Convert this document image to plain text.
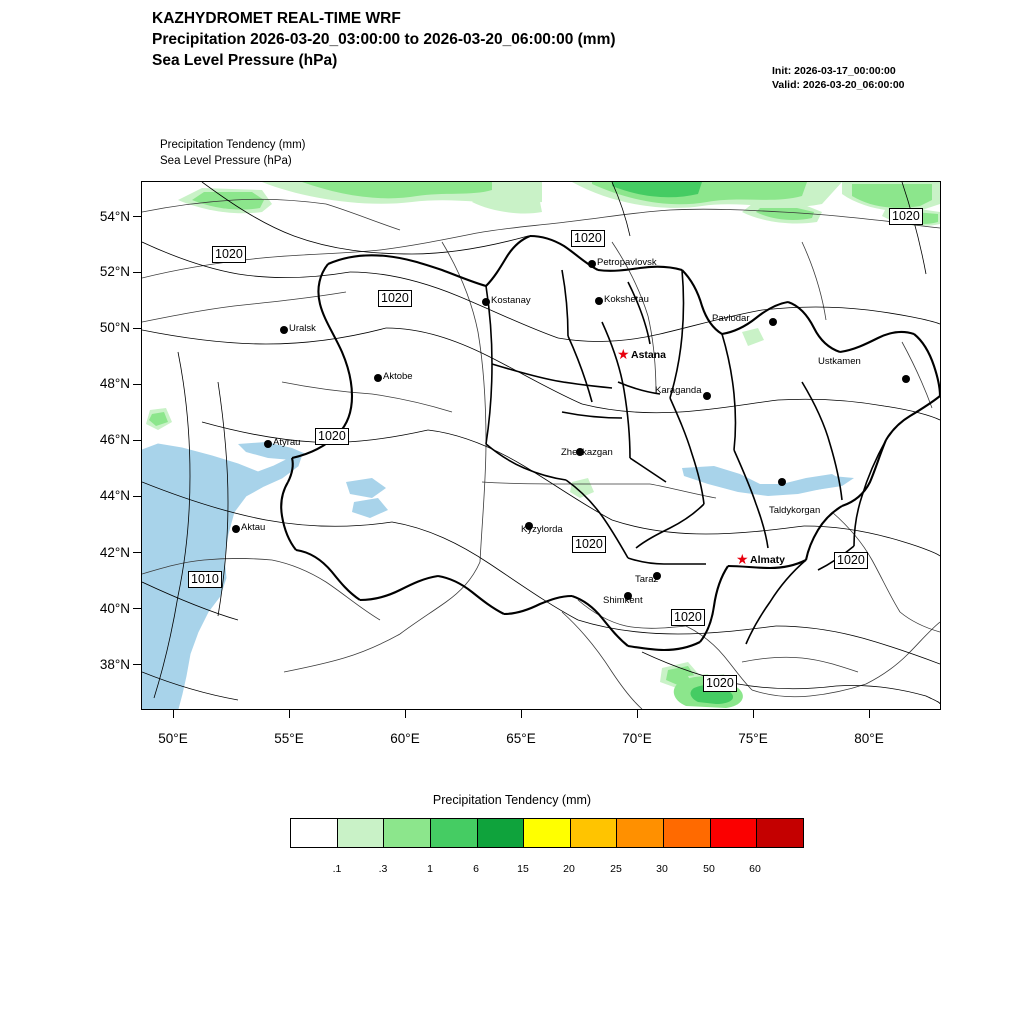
KAZHYDROMET REAL-TIME WRF
Precipitation 2026-03-20_03:00:00 to 2026-03-20_06:00:00 (mm)
Sea Level Pressure (hPa)
Init: 2026-03-17_00:00:00
Valid: 2026-03-20_06:00:00
Precipitation Tendency (mm)
Sea Level Pressure (hPa)
54°N
52°N
50°N
48°N
46°N
44°N
42°N
40°N
38°N
50°E	55°E	60°E	65°E	70°E	75°E	80°E
Uralsk
Aktobe
Atyrau
Aktau
Kostanay
Petropavlovsk
Kokshetau
Pavlodar
Ustkamen
Karaganda
Zheskazgan
Kyzylorda
Taldykorgan
Taraz
Shimkent
★ Astana
★ Almaty
1020
1020
1020
1020
1020
1020
1020
1020
1020
1010
Precipitation Tendency (mm)
.1	.3	1	6	15	20	25	30	50	60
